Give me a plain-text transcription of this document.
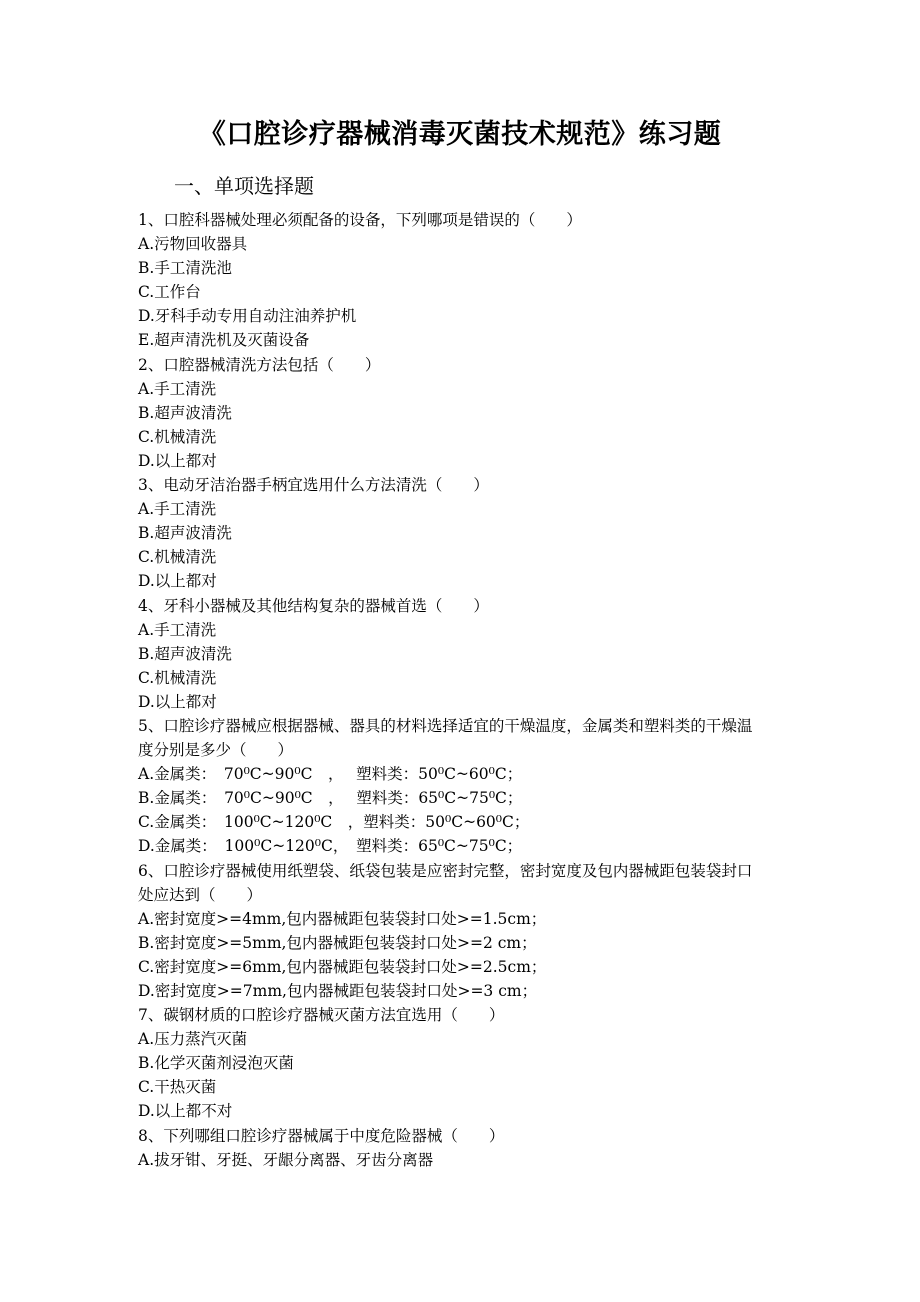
《口腔诊疗器械消毒灭菌技术规范》练习题
一、单项选择题
1、口腔科器械处理必须配备的设备，下列哪项是错误的（　　）
A.污物回收器具
B.手工清洗池
C.工作台
D.牙科手动专用自动注油养护机
E.超声清洗机及灭菌设备
2、口腔器械清洗方法包括（　　）
A.手工清洗
B.超声波清洗
C.机械清洗
D.以上都对
3、电动牙洁治器手柄宜选用什么方法清洗（　　）
A.手工清洗
B.超声波清洗
C.机械清洗
D.以上都对
4、牙科小器械及其他结构复杂的器械首选（　　）
A.手工清洗
B.超声波清洗
C.机械清洗
D.以上都对
5、口腔诊疗器械应根据器械、器具的材料选择适宜的干燥温度，金属类和塑料类的干燥温
度分别是多少（　　）
A.金属类：　70⁰C~90⁰C　，　 塑料类：50⁰C~60⁰C；
B.金属类：　70⁰C~90⁰C　，　 塑料类：65⁰C~75⁰C；
C.金属类：　100⁰C~120⁰C　，塑料类：50⁰C~60⁰C；
D.金属类：　100⁰C~120⁰C，　塑料类：65⁰C~75⁰C；
6、口腔诊疗器械使用纸塑袋、纸袋包装是应密封完整，密封宽度及包内器械距包装袋封口
处应达到（　　）
A.密封宽度>=4mm,包内器械距包装袋封口处>=1.5cm；
B.密封宽度>=5mm,包内器械距包装袋封口处>=2 cm；
C.密封宽度>=6mm,包内器械距包装袋封口处>=2.5cm；
D.密封宽度>=7mm,包内器械距包装袋封口处>=3 cm；
7、碳钢材质的口腔诊疗器械灭菌方法宜选用（　　）
A.压力蒸汽灭菌
B.化学灭菌剂浸泡灭菌
C.干热灭菌
D.以上都不对
8、下列哪组口腔诊疗器械属于中度危险器械（　　）
A.拔牙钳、牙挺、牙龈分离器、牙齿分离器
